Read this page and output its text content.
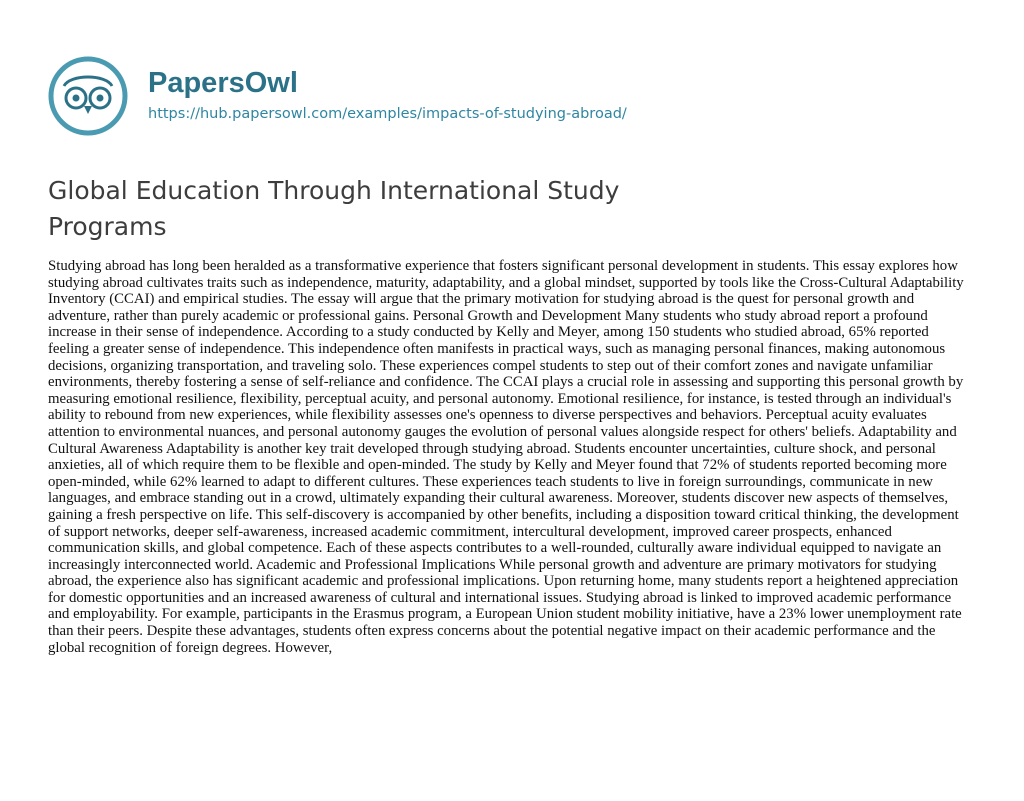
PapersOwl
https://hub.papersowl.com/examples/impacts-of-studying-abroad/
Global Education Through International Study Programs

Studying abroad has long been heralded as a transformative experience that fosters significant personal development in students. This essay explores how studying abroad cultivates traits such as independence, maturity, adaptability, and a global mindset, supported by tools like the Cross-Cultural Adaptability Inventory (CCAI) and empirical studies. The essay will argue that the primary motivation for studying abroad is the quest for personal growth and adventure, rather than purely academic or professional gains. Personal Growth and Development Many students who study abroad report a profound increase in their sense of independence. According to a study conducted by Kelly and Meyer, among 150 students who studied abroad, 65% reported feeling a greater sense of independence. This independence often manifests in practical ways, such as managing personal finances, making autonomous decisions, organizing transportation, and traveling solo. These experiences compel students to step out of their comfort zones and navigate unfamiliar environments, thereby fostering a sense of self-reliance and confidence. The CCAI plays a crucial role in assessing and supporting this personal growth by measuring emotional resilience, flexibility, perceptual acuity, and personal autonomy. Emotional resilience, for instance, is tested through an individual's ability to rebound from new experiences, while flexibility assesses one's openness to diverse perspectives and behaviors. Perceptual acuity evaluates attention to environmental nuances, and personal autonomy gauges the evolution of personal values alongside respect for others' beliefs. Adaptability and Cultural Awareness Adaptability is another key trait developed through studying abroad. Students encounter uncertainties, culture shock, and personal anxieties, all of which require them to be flexible and open-minded. The study by Kelly and Meyer found that 72% of students reported becoming more open-minded, while 62% learned to adapt to different cultures. These experiences teach students to live in foreign surroundings, communicate in new languages, and embrace standing out in a crowd, ultimately expanding their cultural awareness. Moreover, students discover new aspects of themselves, gaining a fresh perspective on life. This self-discovery is accompanied by other benefits, including a disposition toward critical thinking, the development of support networks, deeper self-awareness, increased academic commitment, intercultural development, improved career prospects, enhanced communication skills, and global competence. Each of these aspects contributes to a well-rounded, culturally aware individual equipped to navigate an increasingly interconnected world. Academic and Professional Implications While personal growth and adventure are primary motivators for studying abroad, the experience also has significant academic and professional implications. Upon returning home, many students report a heightened appreciation for domestic opportunities and an increased awareness of cultural and international issues. Studying abroad is linked to improved academic performance and employability. For example, participants in the Erasmus program, a European Union student mobility initiative, have a 23% lower unemployment rate than their peers. Despite these advantages, students often express concerns about the potential negative impact on their academic performance and the global recognition of foreign degrees. However,
